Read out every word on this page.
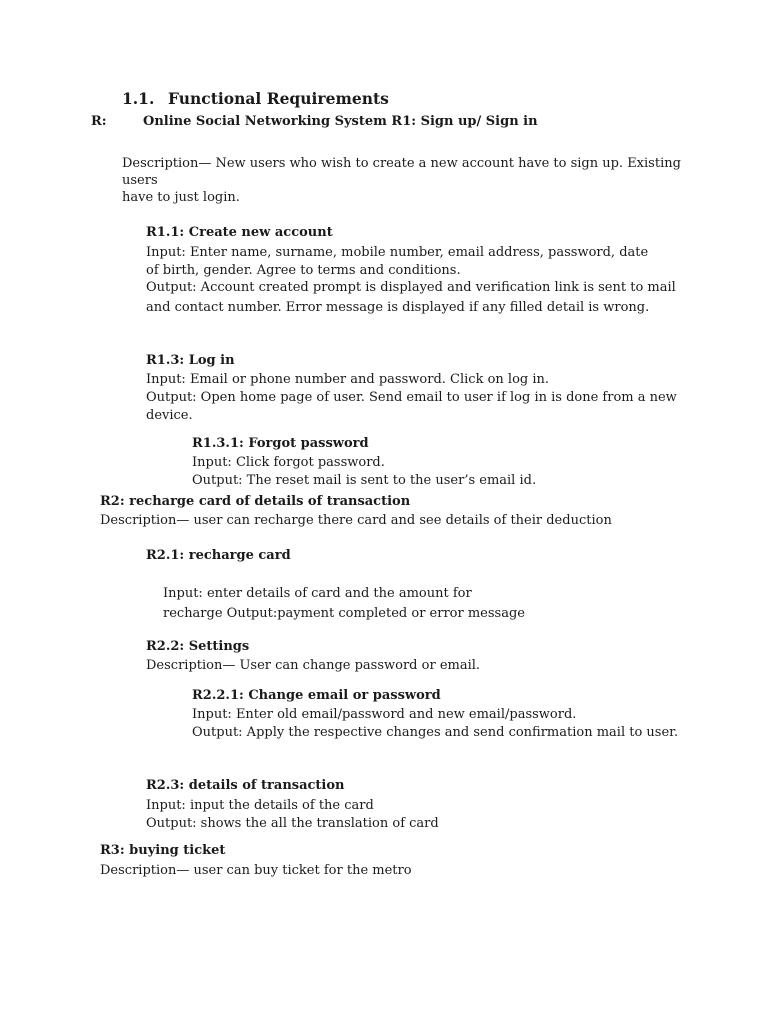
1.1. Functional Requirements
R:	Online Social Networking System R1: Sign up/ Sign in
Description— New users who wish to create a new account have to sign up. Existing
users
have to just login.
R1.1: Create new account
Input: Enter name, surname, mobile number, email address, password, date
of birth, gender. Agree to terms and conditions.
Output: Account created prompt is displayed and verification link is sent to mail
and contact number. Error message is displayed if any filled detail is wrong.
R1.3: Log in
Input: Email or phone number and password. Click on log in.
Output: Open home page of user. Send email to user if log in is done from a new
device.
R1.3.1: Forgot password
Input: Click forgot password.
Output: The reset mail is sent to the user’s email id.
R2: recharge card of details of transaction
Description— user can recharge there card and see details of their deduction
R2.1: recharge card
Input: enter details of card and the amount for
recharge Output:payment completed or error message
R2.2: Settings
Description— User can change password or email.
R2.2.1: Change email or password
Input: Enter old email/password and new email/password.
Output: Apply the respective changes and send confirmation mail to user.
R2.3: details of transaction
Input: input the details of the card
Output: shows the all the translation of card
R3: buying ticket
Description— user can buy ticket for the metro
